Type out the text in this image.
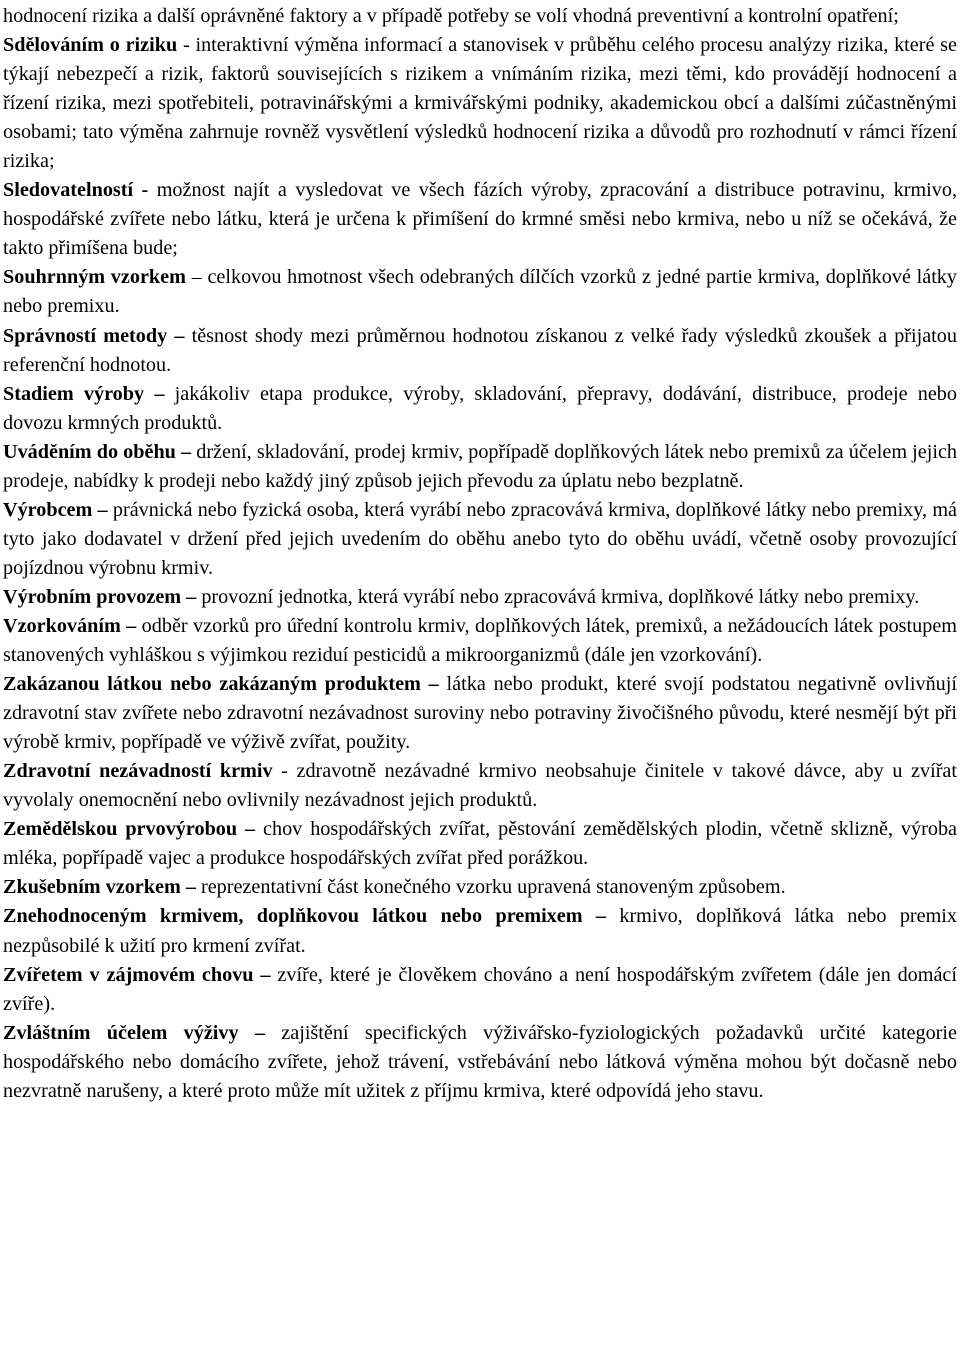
hodnocení rizika a další oprávněné faktory a v případě potřeby se volí vhodná preventivní a kontrolní opatření;

Sdělováním o riziku - interaktivní výměna informací a stanovisek v průběhu celého procesu analýzy rizika, které se týkají nebezpečí a rizik, faktorů souvisejících s rizikem a vnímáním rizika, mezi těmi, kdo provádějí hodnocení a řízení rizika, mezi spotřebiteli, potravinářskými a krmivářskými podniky, akademickou obcí a dalšími zúčastněnými osobami; tato výměna zahrnuje rovněž vysvětlení výsledků hodnocení rizika a důvodů pro rozhodnutí v rámci řízení rizika;

Sledovatelností - možnost najít a vysledovat ve všech fázích výroby, zpracování a distribuce potravinu, krmivo, hospodářské zvířete nebo látku, která je určena k přimíšení do krmné směsi nebo krmiva, nebo u níž se očekává, že takto přimíšena bude;

Souhrnným vzorkem – celkovou hmotnost všech odebraných dílčích vzorků z jedné partie krmiva, doplňkové látky nebo premixu.

Správností metody – těsnost shody mezi průměrnou hodnotou získanou z velké řady výsledků zkoušek a přijatou referenční hodnotou.

Stadiem výroby – jakákoliv etapa produkce, výroby, skladování, přepravy, dodávání, distribuce, prodeje nebo dovozu krmných produktů.

Uváděním do oběhu – držení, skladování, prodej krmiv, popřípadě doplňkových látek nebo premixů za účelem jejich prodeje, nabídky k prodeji nebo každý jiný způsob jejich převodu za úplatu nebo bezplatně.

Výrobcem – právnická nebo fyzická osoba, která vyrábí nebo zpracovává krmiva, doplňkové látky nebo premixy, má tyto jako dodavatel v držení před jejich uvedením do oběhu anebo tyto do oběhu uvádí, včetně osoby provozující pojízdnou výrobnu krmiv.

Výrobním provozem – provozní jednotka, která vyrábí nebo zpracovává krmiva, doplňkové látky nebo premixy.

Vzorkováním – odběr vzorků pro úřední kontrolu krmiv, doplňkových látek, premixů, a nežádoucích látek postupem stanovených vyhláškou s výjimkou reziduí pesticidů a mikroorganizmů (dále jen vzorkování).

Zakázanou látkou nebo zakázaným produktem – látka nebo produkt, které svojí podstatou negativně ovlivňují zdravotní stav zvířete nebo zdravotní nezávadnost suroviny nebo potraviny živočišného původu, které nesmějí být při výrobě krmiv, popřípadě ve výživě zvířat, použity.

Zdravotní nezávadností krmiv - zdravotně nezávadné krmivo neobsahuje činitele v takové dávce, aby u zvířat vyvolaly onemocnění nebo ovlivnily nezávadnost jejich produktů.

Zemědělskou prvovýrobou – chov hospodářských zvířat, pěstování zemědělských plodin, včetně sklizně, výroba mléka, popřípadě vajec a produkce hospodářských zvířat před porážkou.

Zkušebním vzorkem – reprezentativní část konečného vzorku upravená stanoveným způsobem.

Znehodnoceným krmivem, doplňkovou látkou nebo premixem – krmivo, doplňková látka nebo premix nezpůsobilé k užití pro krmení zvířat.

Zvířetem v zájmovém chovu – zvíře, které je člověkem chováno a není hospodářským zvířetem (dále jen domácí zvíře).

Zvláštním účelem výživy – zajištění specifických výživářsko-fyziologických požadavků určité kategorie hospodářského nebo domácího zvířete, jehož trávení, vstřebávání nebo látková výměna mohou být dočasně nebo nezvratně narušeny, a které proto může mít užitek z příjmu krmiva, které odpovídá jeho stavu.
